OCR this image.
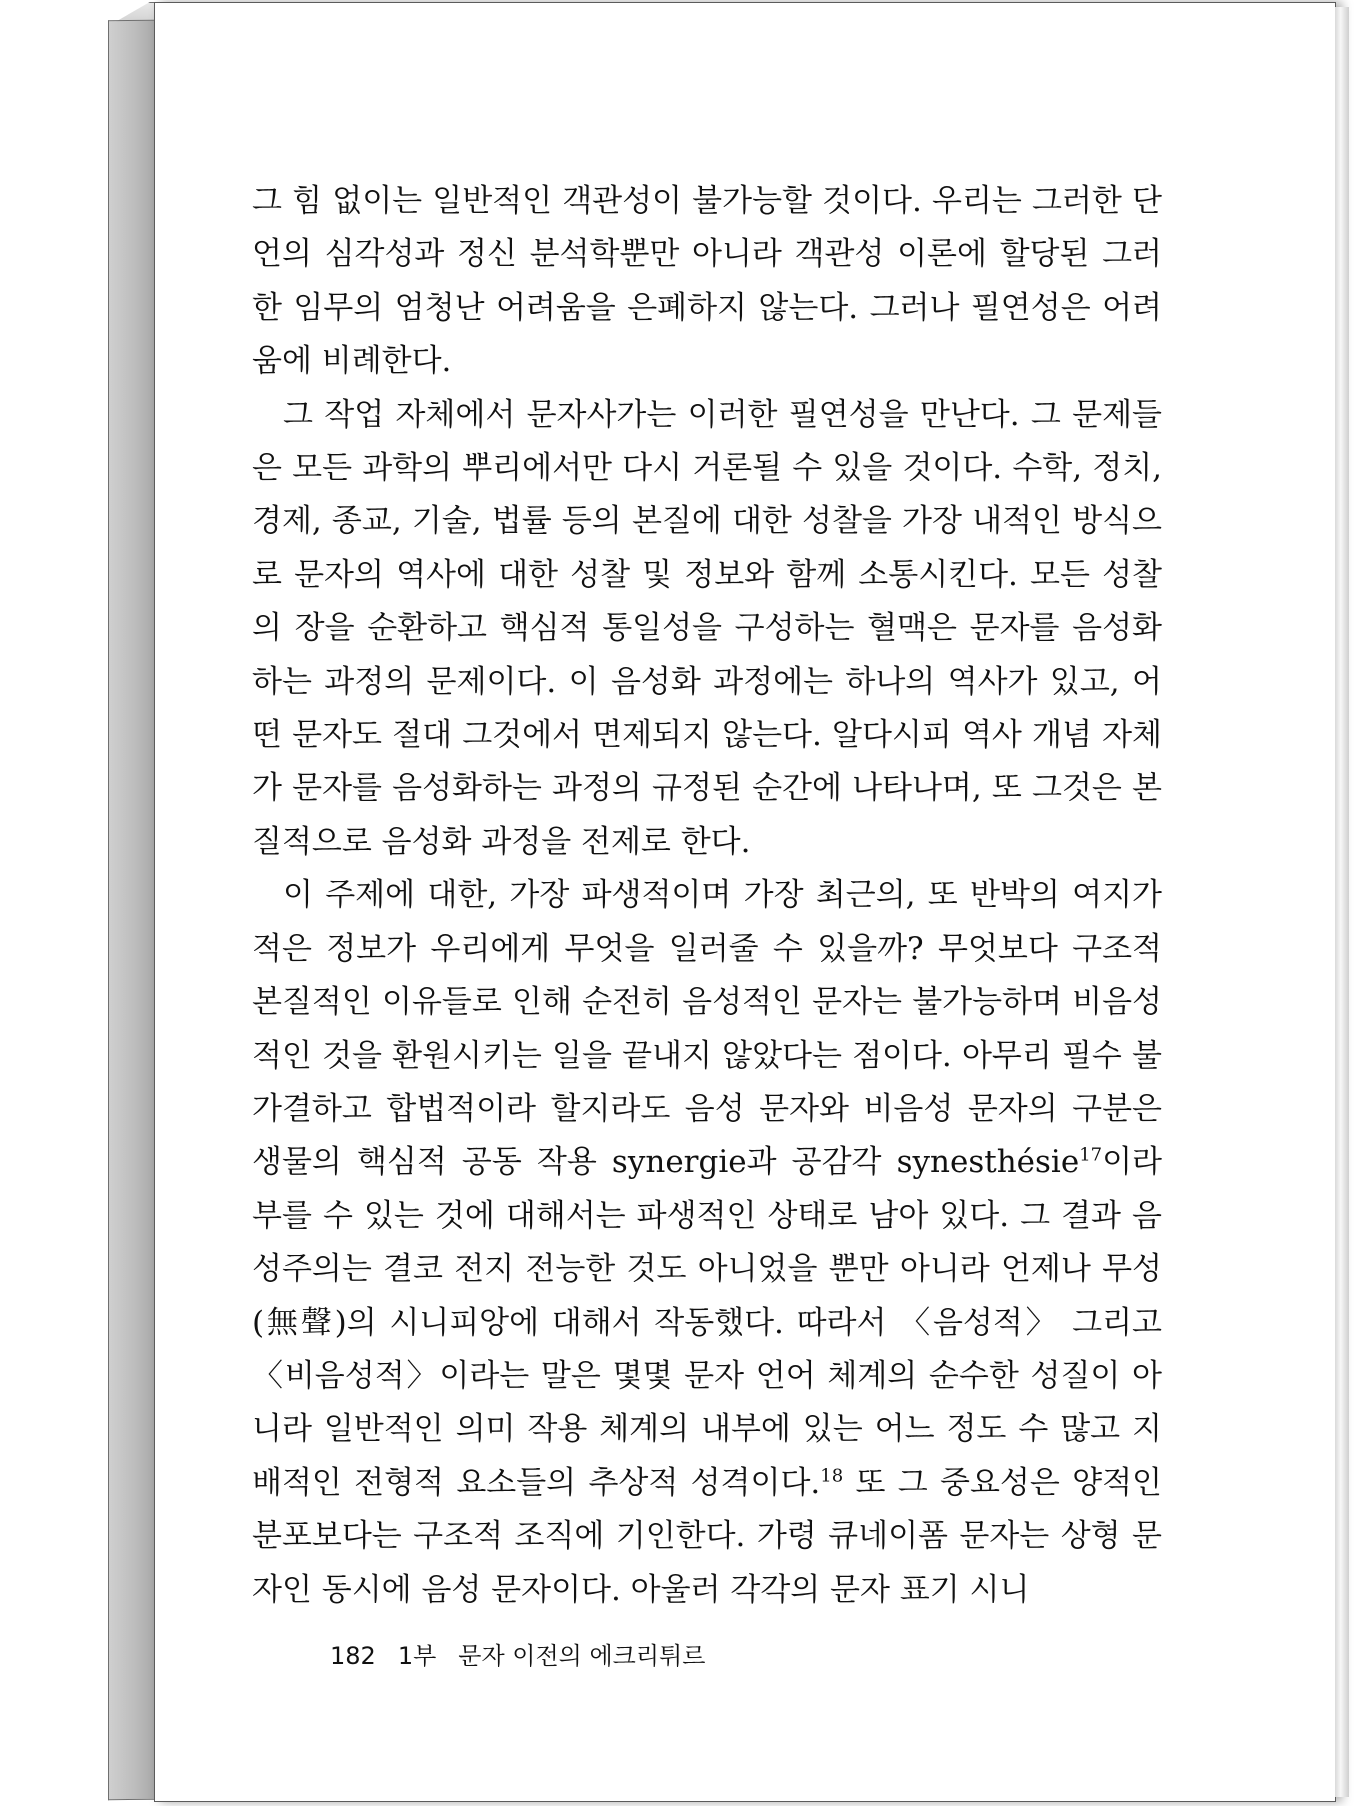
그 힘 없이는 일반적인 객관성이 불가능할 것이다. 우리는 그러한 단언의 심각성과 정신 분석학뿐만 아니라 객관성 이론에 할당된 그러한 임무의 엄청난 어려움을 은폐하지 않는다. 그러나 필연성은 어려움에 비례한다.

그 작업 자체에서 문자사가는 이러한 필연성을 만난다. 그 문제들은 모든 과학의 뿌리에서만 다시 거론될 수 있을 것이다. 수학, 정치, 경제, 종교, 기술, 법률 등의 본질에 대한 성찰을 가장 내적인 방식으로 문자의 역사에 대한 성찰 및 정보와 함께 소통시킨다. 모든 성찰의 장을 순환하고 핵심적 통일성을 구성하는 혈맥은 문자를 음성화하는 과정의 문제이다. 이 음성화 과정에는 하나의 역사가 있고, 어떤 문자도 절대 그것에서 면제되지 않는다. 알다시피 역사 개념 자체가 문자를 음성화하는 과정의 규정된 순간에 나타나며, 또 그것은 본질적으로 음성화 과정을 전제로 한다.

이 주제에 대한, 가장 파생적이며 가장 최근의, 또 반박의 여지가 적은 정보가 우리에게 무엇을 일러줄 수 있을까? 무엇보다 구조적 본질적인 이유들로 인해 순전히 음성적인 문자는 불가능하며 비음성적인 것을 환원시키는 일을 끝내지 않았다는 점이다. 아무리 필수 불가결하고 합법적이라 할지라도 음성 문자와 비음성 문자의 구분은 생물의 핵심적 공동 작용 synergie과 공감각 synesthésie$^{17}$이라 부를 수 있는 것에 대해서는 파생적인 상태로 남아 있다. 그 결과 음성주의는 결코 전지 전능한 것도 아니었을 뿐만 아니라 언제나 무성(無聲)의 시니피앙에 대해서 작동했다. 따라서 〈음성적〉 그리고 〈비음성적〉이라는 말은 몇몇 문자 언어 체계의 순수한 성질이 아니라 일반적인 의미 작용 체계의 내부에 있는 어느 정도 수 많고 지배적인 전형적 요소들의 추상적 성격이다.$^{18}$ 또 그 중요성은 양적인 분포보다는 구조적 조직에 기인한다. 가령 큐네이폼 문자는 상형 문자인 동시에 음성 문자이다. 아울러 각각의 문자 표기 시니

182 1부 문자 이전의 에크리튀르
